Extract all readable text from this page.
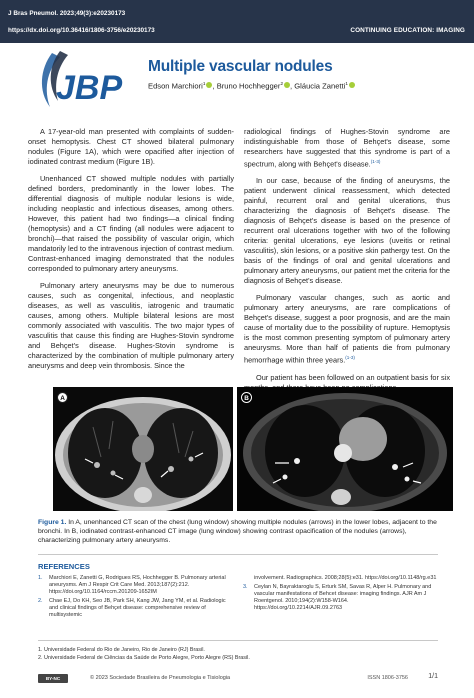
J Bras Pneumol. 2023;49(3):e20230173
https://dx.doi.org/10.36416/1806-3756/e20230173	CONTINUING EDUCATION: IMAGING
JBP
Multiple vascular nodules
Edson Marchiori$^1$ , Bruno Hochhegger$^2$ , Gláucia Zanetti$^1$

A 17-year-old man presented with complaints of sudden-onset hemoptysis. Chest CT showed bilateral pulmonary nodules (Figure 1A), which were opacified after injection of iodinated contrast medium (Figure 1B).

Unenhanced CT showed multiple nodules with partially defined borders, predominantly in the lower lobes. The differential diagnosis of multiple nodular lesions is wide, including neoplastic and infectious diseases, among others. However, this patient had two findings—a clinical finding (hemoptysis) and a CT finding (all nodules were adjacent to bronchi)—that raised the possibility of vascular origin, which mandatorily led to the intravenous injection of contrast medium. Contrast-enhanced imaging demonstrated that the nodules corresponded to pulmonary artery aneurysms.

Pulmonary artery aneurysms may be due to numerous causes, such as congenital, infectious, and neoplastic diseases, as well as vasculitis, iatrogenic and traumatic causes, among others. Multiple bilateral lesions are most commonly associated with vasculitis. The two major types of vasculitis that cause this finding are Hughes-Stovin syndrome and Behçet's disease. Hughes-Stovin syndrome is characterized by the combination of multiple pulmonary artery aneurysms and deep vein thrombosis. Since the

radiological findings of Hughes-Stovin syndrome are indistinguishable from those of Behçet's disease, some researchers have suggested that this syndrome is part of a spectrum, along with Behçet's disease.$^{(1-3)}$

In our case, because of the finding of aneurysms, the patient underwent clinical reassessment, which detected painful, recurrent oral and genital ulcerations, thus characterizing the diagnosis of Behçet's disease. The diagnosis of Behçet's disease is based on the presence of recurrent oral ulcerations together with two of the following criteria: genital ulcerations, eye lesions (uveitis or retinal vasculitis), skin lesions, or a positive skin pathergy test. On the basis of the findings of oral and genital ulcerations and pulmonary artery aneurysms, our patient met the criteria for the diagnosis of Behçet's disease.

Pulmonary vascular changes, such as aortic and pulmonary artery aneurysms, are rare complications of Behçet's disease, suggest a poor prognosis, and are the main cause of mortality due to the possibility of rupture. Hemoptysis is the most common presenting symptom of pulmonary artery aneurysms. More than half of patients die from pulmonary hemorrhage within three years.$^{(1-3)}$

Our patient has been followed on an outpatient basis for six

A	B
Figure 1. In A, unenhanced CT scan of the chest (lung window) showing multiple nodules (arrows) in the lower lobes, adjacent to the bronchi. In B, iodinated contrast-enhanced CT image (lung window) showing contrast opacification of the nodules (arrows), characterizing pulmonary artery aneurysms.
REFERENCES
1. Marchiori E, Zanetti G, Rodrigues RS, Hochhegger B. Pulmonary arterial aneurysms. Am J Respir Crit Care Med. 2013;187(2):212. https://doi.org/10.1164/rccm.201209-1652IM
2. Chae EJ, Do KH, Seo JB, Park SH, Kang JW, Jang YM, et al. Radiologic and clinical findings of Behçet disease: comprehensive review of multisystemic
involvement. Radiographics. 2008;28(5):e31. https://doi.org/10.1148/rg.e31
3. Ceylan N, Bayraktaroglu S, Erturk SM, Savas R, Alper H. Pulmonary and vascular manifestations of Behcet disease: imaging findings. AJR Am J Roentgenol. 2010;194(2):W158-W164. https://doi.org/10.2214/AJR.09.2763
1. Universidade Federal do Rio de Janeiro, Rio de Janeiro (RJ) Brasil.
2. Universidade Federal de Ciências da Saúde de Porto Alegre, Porto Alegre (RS) Brasil.
BY-NC	© 2023 Sociedade Brasileira de Pneumologia e Tisiologia	ISSN 1806-3756	1/1
